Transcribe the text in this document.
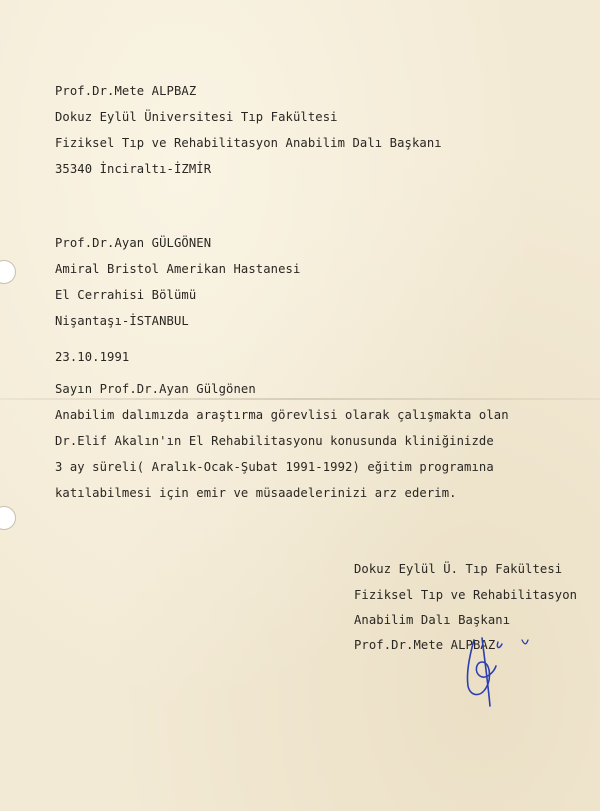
Prof.Dr.Mete ALPBAZ
Dokuz Eylül Üniversitesi Tıp Fakültesi
Fiziksel Tıp ve Rehabilitasyon Anabilim Dalı Başkanı
35340 İnciraltı-İZMİR
Prof.Dr.Ayan GÜLGÖNEN
Amiral Bristol Amerikan Hastanesi
El Cerrahisi Bölümü
Nişantaşı-İSTANBUL
23.10.1991
Sayın Prof.Dr.Ayan Gülgönen
Anabilim dalımızda araştırma görevlisi olarak çalışmakta olan
Dr.Elif Akalın'ın El Rehabilitasyonu konusunda kliniğinizde
3 ay süreli( Aralık-Ocak-Şubat 1991-1992) eğitim programına
katılabilmesi için emir ve müsaadelerinizi arz ederim.
Dokuz Eylül Ü. Tıp Fakültesi
Fiziksel Tıp ve Rehabilitasyon
Anabilim Dalı Başkanı
Prof.Dr.Mete ALPBAZ
